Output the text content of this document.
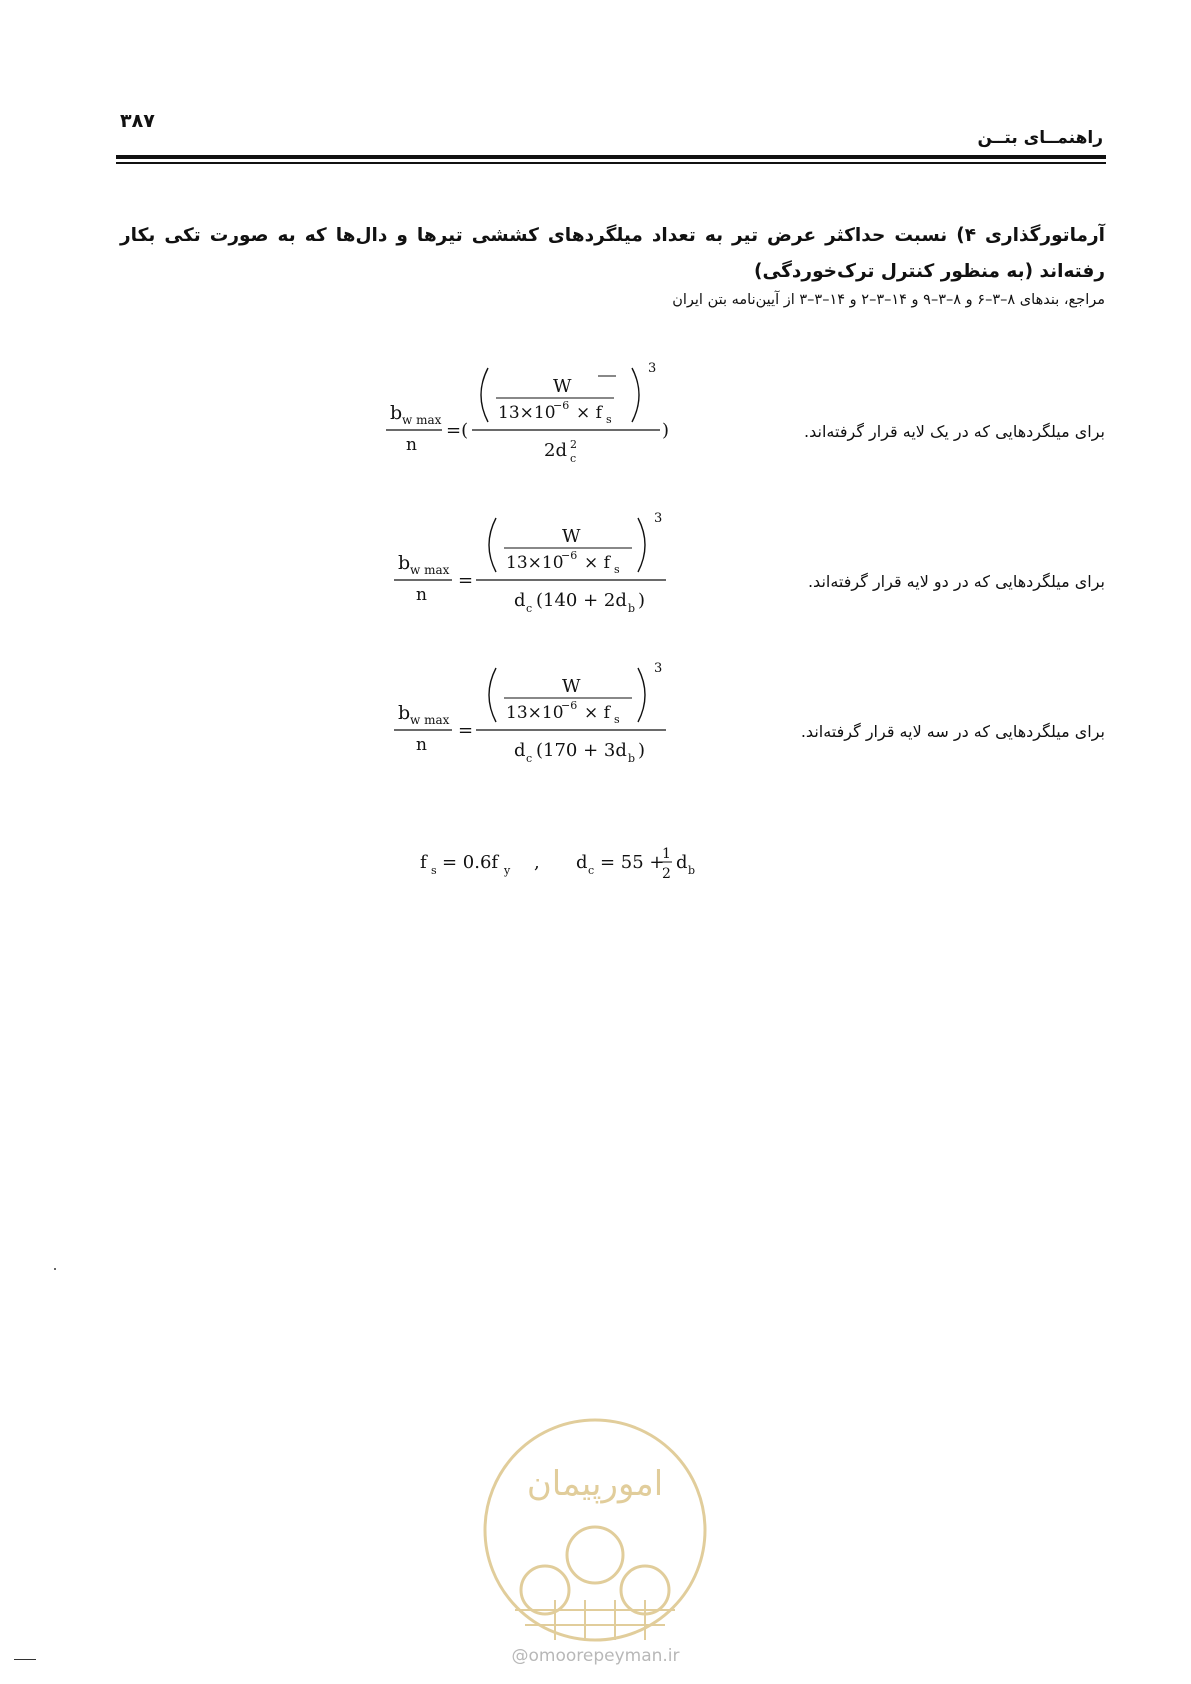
۳۸۷
راهنمــای بتــن
آرماتورگذاری ۴) نسبت حداکثر عرض تیر به تعداد میلگردهای کششی تیرها و دال‌ها که به صورت تکی بکار رفته‌اند (به منظور کنترل ترک‌خوردگی)
مراجع، بندهای ۸–۳–۶ و ۸–۳–۹ و ۱۴–۳–۲ و ۱۴–۳–۳ از آیین‌نامه بتن ایران
برای میلگردهایی که در یک لایه قرار گرفته‌اند.
b w max
n
=(	)
3
W
13×10
−6 × f s
2d 2
c
برای میلگردهایی که در دو لایه قرار گرفته‌اند.
b w max
n
=
3
W
13×10
−6 × f s
d c (140 + 2d b )
برای میلگردهایی که در سه لایه قرار گرفته‌اند.
b w max
n
=
3
W
13×10
−6 × f s
d c (170 + 3d b )
f s = 0.6f y , d c = 55 +
1
2
d b
امورپیمان
@omoorepeyman.ir
